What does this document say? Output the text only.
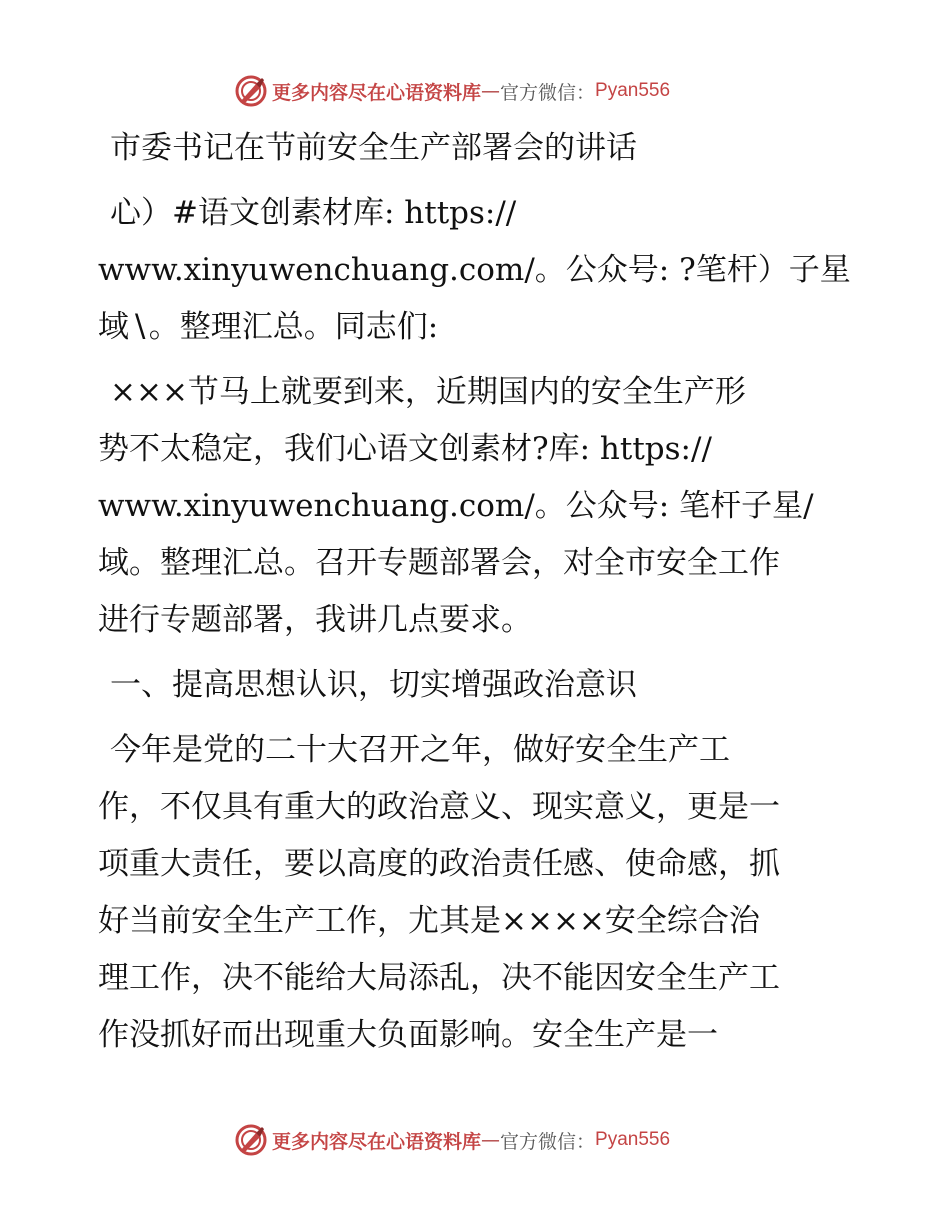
更多内容尽在心语资料库 — 官方微信： Pyan556
市委书记在节前安全生产部署会的讲话
心）#语文创素材库: https://
www.xinyuwenchuang.com/。公众号: ?笔杆）子星
域∖。整理汇总。同志们:
×××节马上就要到来，近期国内的安全生产形
势不太稳定，我们心语文创素材?库: https://
www.xinyuwenchuang.com/。公众号: 笔杆子星/
域。整理汇总。召开专题部署会，对全市安全工作
进行专题部署，我讲几点要求。
一、提高思想认识，切实增强政治意识
今年是党的二十大召开之年，做好安全生产工
作，不仅具有重大的政治意义、现实意义，更是一
项重大责任，要以高度的政治责任感、使命感，抓
好当前安全生产工作，尤其是××××安全综合治
理工作，决不能给大局添乱，决不能因安全生产工
作没抓好而出现重大负面影响。安全生产是一
更多内容尽在心语资料库 — 官方微信： Pyan556
